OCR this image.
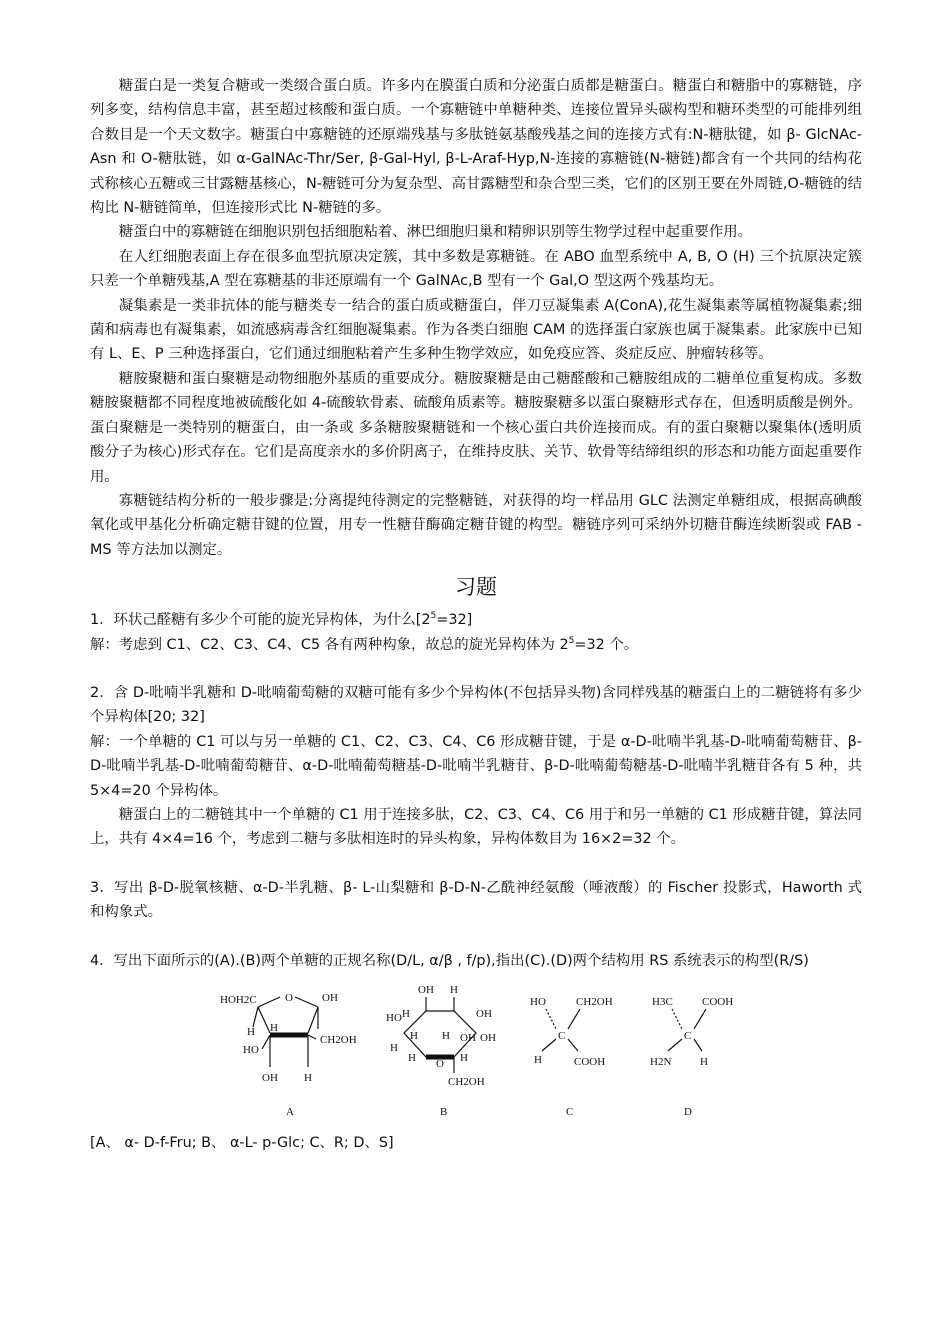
糖蛋白是一类复合糖或一类缀合蛋白质。许多内在膜蛋白质和分泌蛋白质都是糖蛋白。糖蛋白和糖脂中的寡糖链，序列多变，结构信息丰富，甚至超过核酸和蛋白质。一个寡糖链中单糖种类、连接位置异头碳构型和糖环类型的可能排列组合数目是一个天文数字。糖蛋白中寡糖链的还原端残基与多肽链氨基酸残基之间的连接方式有:N-糖肽键，如 β- GlcNAc-Asn 和 O-糖肽链，如 α-GalNAc-Thr/Ser, β-Gal-Hyl, β-L-Araf-Hyp,N-连接的寡糖链(N-糖链)都含有一个共同的结构花式称核心五糖或三甘露糖基核心，N-糖链可分为复杂型、高甘露糖型和杂合型三类，它们的区别王要在外周链,O-糖链的结构比 N-糖链简单，但连接形式比 N-糖链的多。

糖蛋白中的寡糖链在细胞识别包括细胞粘着、淋巴细胞归巢和精卵识别等生物学过程中起重要作用。

在人红细胞表面上存在很多血型抗原决定簇，其中多数是寡糖链。在 ABO 血型系统中 A, B, O (H) 三个抗原决定簇只差一个单糖残基,A 型在寡糖基的非还原端有一个 GalNAc,B 型有一个 Gal,O 型这两个残基均无。

凝集素是一类非抗体的能与糖类专一结合的蛋白质或糖蛋白，伴刀豆凝集素 A(ConA),花生凝集素等属植物凝集素;细菌和病毒也有凝集素，如流感病毒含红细胞凝集素。作为各类白细胞 CAM 的选择蛋白家族也属于凝集素。此家族中已知有 L、E、P 三种选择蛋白，它们通过细胞粘着产生多种生物学效应，如免疫应答、炎症反应、肿瘤转移等。

糖胺聚糖和蛋白聚糖是动物细胞外基质的重要成分。糖胺聚糖是由己糖醛酸和己糖胺组成的二糖单位重复构成。多数糖胺聚糖都不同程度地被硫酸化如 4-硫酸软骨素、硫酸角质素等。糖胺聚糖多以蛋白聚糖形式存在，但透明质酸是例外。蛋白聚糖是一类特别的糖蛋白，由一条或 多条糖胺聚糖链和一个核心蛋白共价连接而成。有的蛋白聚糖以聚集体(透明质酸分子为核心)形式存在。它们是高度亲水的多价阴离子，在维持皮肤、关节、软骨等结缔组织的形态和功能方面起重要作用。

寡糖链结构分析的一般步骤是:分离提纯待测定的完整糖链，对获得的均一样品用 GLC 法测定单糖组成，根据高碘酸氧化或甲基化分析确定糖苷键的位置，用专一性糖苷酶确定糖苷键的构型。糖链序列可采纳外切糖苷酶连续断裂或 FAB - MS 等方法加以测定。

习题

1．环状己醛糖有多少个可能的旋光异构体，为什么$[2^5=32]$

解：考虑到 C1、C2、C3、C4、C5 各有两种构象，故总的旋光异构体为 $2^5=32$ 个。

2．含 D-吡喃半乳糖和 D-吡喃葡萄糖的双糖可能有多少个异构体(不包括异头物)含同样残基的糖蛋白上的二糖链将有多少个异构体[20; 32]

解：一个单糖的 C1 可以与另一单糖的 C1、C2、C3、C4、C6 形成糖苷键，于是 α-D-吡喃半乳基-D-吡喃葡萄糖苷、β-D-吡喃半乳基-D-吡喃葡萄糖苷、α-D-吡喃葡萄糖基-D-吡喃半乳糖苷、β-D-吡喃葡萄糖基-D-吡喃半乳糖苷各有 5 种，共 5×4=20 个异构体。

糖蛋白上的二糖链其中一个单糖的 C1 用于连接多肽，C2、C3、C4、C6 用于和另一单糖的 C1 形成糖苷键，算法同上，共有 4×4=16 个，考虑到二糖与多肽相连时的异头构象，异构体数目为 16×2=32 个。

3．写出 β-D-脱氧核糖、α-D-半乳糖、β- L-山梨糖和 β-D-N-乙酰神经氨酸（唾液酸）的 Fischer 投影式，Haworth 式和构象式。

4．写出下面所示的(A).(B)两个单糖的正规名称(D/L, α/β , f/p),指出(C).(D)两个结构用 RS 系统表示的构型(R/S)

HOH2C	O	OH
H
HO
H
CH2OH
OH H
A
OH H
H	OH
HO
H H	OH
OH
H
H
H O
CH2OH
B
HO	CH2OH
C
H	COOH
C
H3C	COOH
C
H2N	H
D

[A、 α- D-f-Fru; B、 α-L- p-Glc; C、R; D、S]
